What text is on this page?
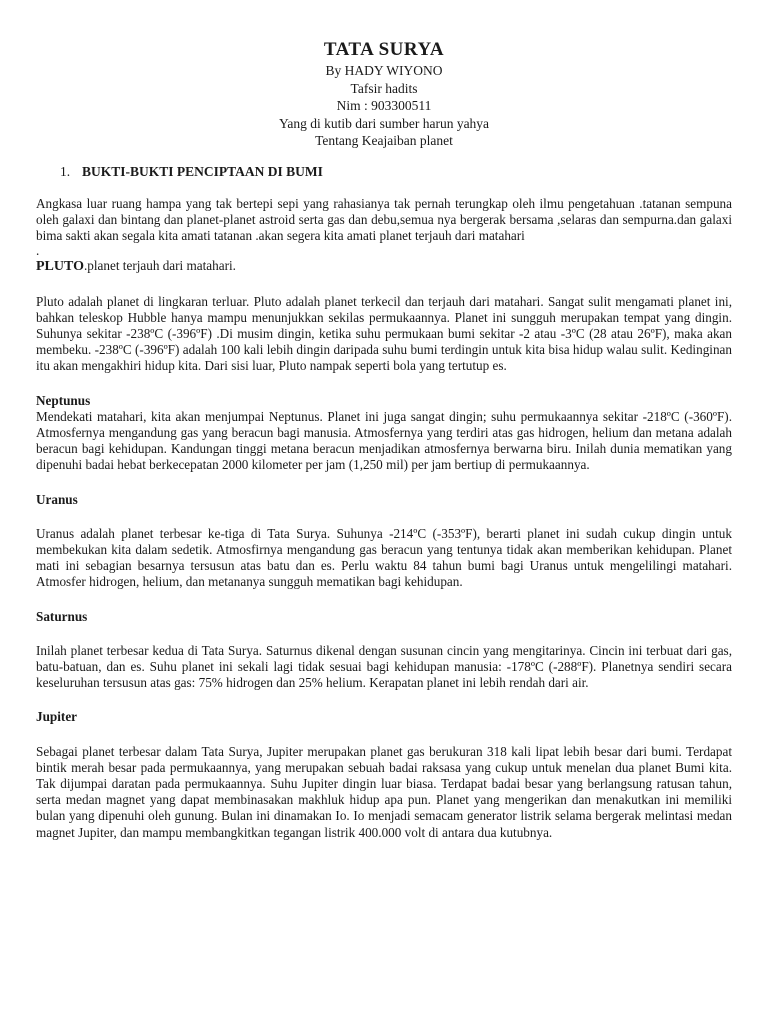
TATA SURYA
By HADY WIYONO
Tafsir hadits
Nim : 903300511
Yang di kutib dari sumber harun yahya
Tentang Keajaiban planet
1. BUKTI-BUKTI PENCIPTAAN DI BUMI

Angkasa luar ruang hampa yang tak bertepi sepi yang rahasianya tak pernah terungkap oleh ilmu pengetahuan .tatanan sempuna oleh galaxi dan bintang dan planet-planet astroid serta gas dan debu,semua nya bergerak bersama ,selaras dan sempurna.dan galaxi bima sakti akan segala kita amati tatanan .akan segera kita amati planet terjauh dari matahari

.

PLUTO.planet terjauh dari matahari.

Pluto adalah planet di lingkaran terluar. Pluto adalah planet terkecil dan terjauh dari matahari. Sangat sulit mengamati planet ini, bahkan teleskop Hubble hanya mampu menunjukkan sekilas permukaannya. Planet ini sungguh merupakan tempat yang dingin. Suhunya sekitar -238ºC (-396ºF) .Di musim dingin, ketika suhu permukaan bumi sekitar -2 atau -3ºC (28 atau 26ºF), maka akan membeku. -238ºC (-396ºF) adalah 100 kali lebih dingin daripada suhu bumi terdingin untuk kita bisa hidup walau sulit. Kedinginan itu akan mengakhiri hidup kita. Dari sisi luar, Pluto nampak seperti bola yang tertutup es.

Neptunus

Mendekati matahari, kita akan menjumpai Neptunus. Planet ini juga sangat dingin; suhu permukaannya sekitar -218ºC (-360ºF). Atmosfernya mengandung gas yang beracun bagi manusia. Atmosfernya yang terdiri atas gas hidrogen, helium dan metana adalah beracun bagi kehidupan. Kandungan tinggi metana beracun menjadikan atmosfernya berwarna biru. Inilah dunia mematikan yang dipenuhi badai hebat berkecepatan 2000 kilometer per jam (1,250 mil) per jam bertiup di permukaannya.

Uranus

Uranus adalah planet terbesar ke-tiga di Tata Surya. Suhunya -214ºC (-353ºF), berarti planet ini sudah cukup dingin untuk membekukan kita dalam sedetik. Atmosfirnya mengandung gas beracun yang tentunya tidak akan memberikan kehidupan. Planet mati ini sebagian besarnya tersusun atas batu dan es. Perlu waktu 84 tahun bumi bagi Uranus untuk mengelilingi matahari. Atmosfer hidrogen, helium, dan metananya sungguh mematikan bagi kehidupan.

Saturnus

Inilah planet terbesar kedua di Tata Surya. Saturnus dikenal dengan susunan cincin yang mengitarinya. Cincin ini terbuat dari gas, batu-batuan, dan es. Suhu planet ini sekali lagi tidak sesuai bagi kehidupan manusia: -178ºC (-288ºF). Planetnya sendiri secara keseluruhan tersusun atas gas: 75% hidrogen dan 25% helium. Kerapatan planet ini lebih rendah dari air.

Jupiter

Sebagai planet terbesar dalam Tata Surya, Jupiter merupakan planet gas berukuran 318 kali lipat lebih besar dari bumi. Terdapat bintik merah besar pada permukaannya, yang merupakan sebuah badai raksasa yang cukup untuk menelan dua planet Bumi kita. Tak dijumpai daratan pada permukaannya. Suhu Jupiter dingin luar biasa. Terdapat badai besar yang berlangsung ratusan tahun, serta medan magnet yang dapat membinasakan makhluk hidup apa pun. Planet yang mengerikan dan menakutkan ini memiliki bulan yang dipenuhi oleh gunung. Bulan ini dinamakan Io. Io menjadi semacam generator listrik selama bergerak melintasi medan magnet Jupiter, dan mampu membangkitkan tegangan listrik 400.000 volt di antara dua kutubnya.
